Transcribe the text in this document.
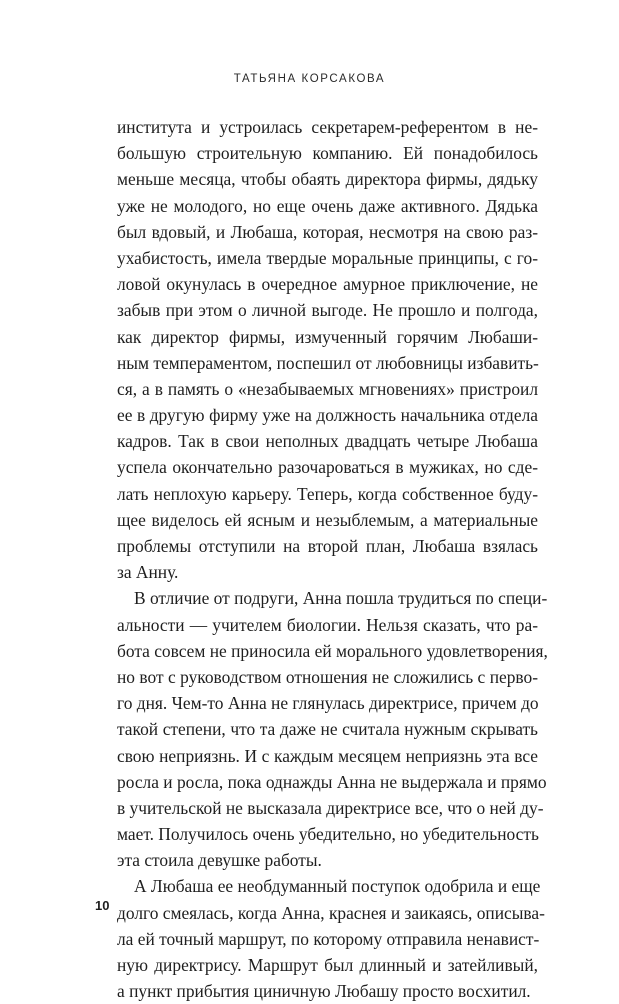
ТАТЬЯНА КОРСАКОВА
института и устроилась секретарем-референтом в не-
большую строительную компанию. Ей понадобилось
меньше месяца, чтобы обаять директора фирмы, дядьку
уже не молодого, но еще очень даже активного. Дядька
был вдовый, и Любаша, которая, несмотря на свою раз-
ухабистость, имела твердые моральные принципы, с го-
ловой окунулась в очередное амурное приключение, не
забыв при этом о личной выгоде. Не прошло и полгода,
как директор фирмы, измученный горячим Любаши-
ным темпераментом, поспешил от любовницы избавить-
ся, а в память о «незабываемых мгновениях» пристроил
ее в другую фирму уже на должность начальника отдела
кадров. Так в свои неполных двадцать четыре Любаша
успела окончательно разочароваться в мужиках, но сде-
лать неплохую карьеру. Теперь, когда собственное буду-
щее виделось ей ясным и незыблемым, а материальные
проблемы отступили на второй план, Любаша взялась
за Анну.
В отличие от подруги, Анна пошла трудиться по специ-
альности — учителем биологии. Нельзя сказать, что ра-
бота совсем не приносила ей морального удовлетворения,
но вот с руководством отношения не сложились с перво-
го дня. Чем-то Анна не глянулась директрисе, причем до
такой степени, что та даже не считала нужным скрывать
свою неприязнь. И с каждым месяцем неприязнь эта все
росла и росла, пока однажды Анна не выдержала и прямо
в учительской не высказала директрисе все, что о ней ду-
мает. Получилось очень убедительно, но убедительность
эта стоила девушке работы.
А Любаша ее необдуманный поступок одобрила и еще
долго смеялась, когда Анна, краснея и заикаясь, описыва-
ла ей точный маршрут, по которому отправила ненавист-
ную директрису. Маршрут был длинный и затейливый,
а пункт прибытия циничную Любашу просто восхитил.
10
